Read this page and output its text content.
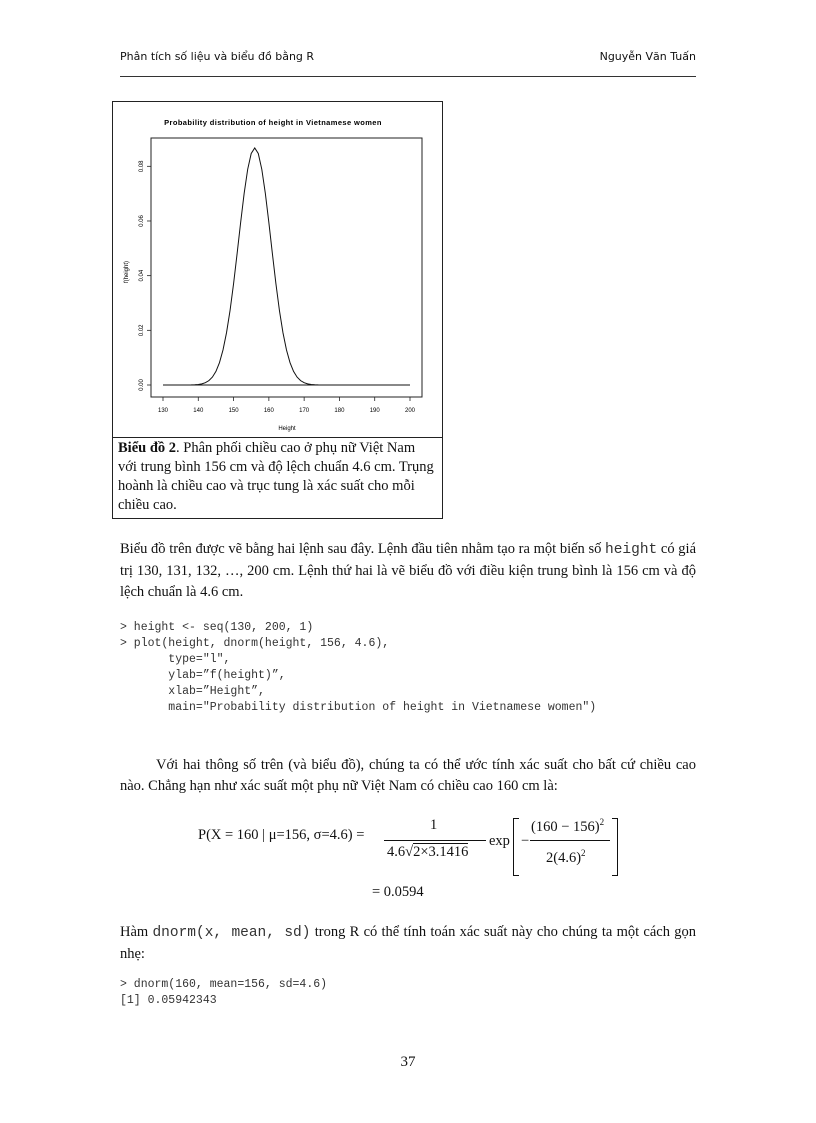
Phân tích số liệu và biểu đồ bằng R	Nguyễn Văn Tuấn
Probability distribution of height in Vietnamese women
130	140	150	160	170	180	190	200
0.00
0.02
0.04
0.06
0.08
Height
f(height)
Biểu đồ 2. Phân phối chiều cao ở phụ nữ Việt Nam với trung bình 156 cm và độ lệch chuẩn 4.6 cm. Trụng hoành là chiều cao và trục tung là xác suất cho mỗi chiều cao.
Biểu đồ trên được vẽ bằng hai lệnh sau đây. Lệnh đầu tiên nhằm tạo ra một biến số height có giá trị 130, 131, 132, …, 200 cm. Lệnh thứ hai là vẽ biểu đồ với điều kiện trung bình là 156 cm và độ lệch chuẩn là 4.6 cm.
> height <- seq(130, 200, 1)
> plot(height, dnorm(height, 156, 4.6),
type="l",
ylab=”f(height)”,
xlab=”Height”,
main="Probability distribution of height in Vietnamese women")
Với hai thông số trên (và biểu đồ), chúng ta có thể ước tính xác suất cho bất cứ chiều cao nào. Chẳng hạn như xác suất một phụ nữ Việt Nam có chiều cao 160 cm là:
P(X = 160 | μ=156, σ=4.6) =
1
4.6√2×3.1416
exp −
$(160 - 156)^2$
$2(4.6)^2$
= 0.0594
Hàm dnorm(x, mean, sd) trong R có thể tính toán xác suất này cho chúng ta một cách gọn nhẹ:
> dnorm(160, mean=156, sd=4.6)
[1] 0.05942343
37
